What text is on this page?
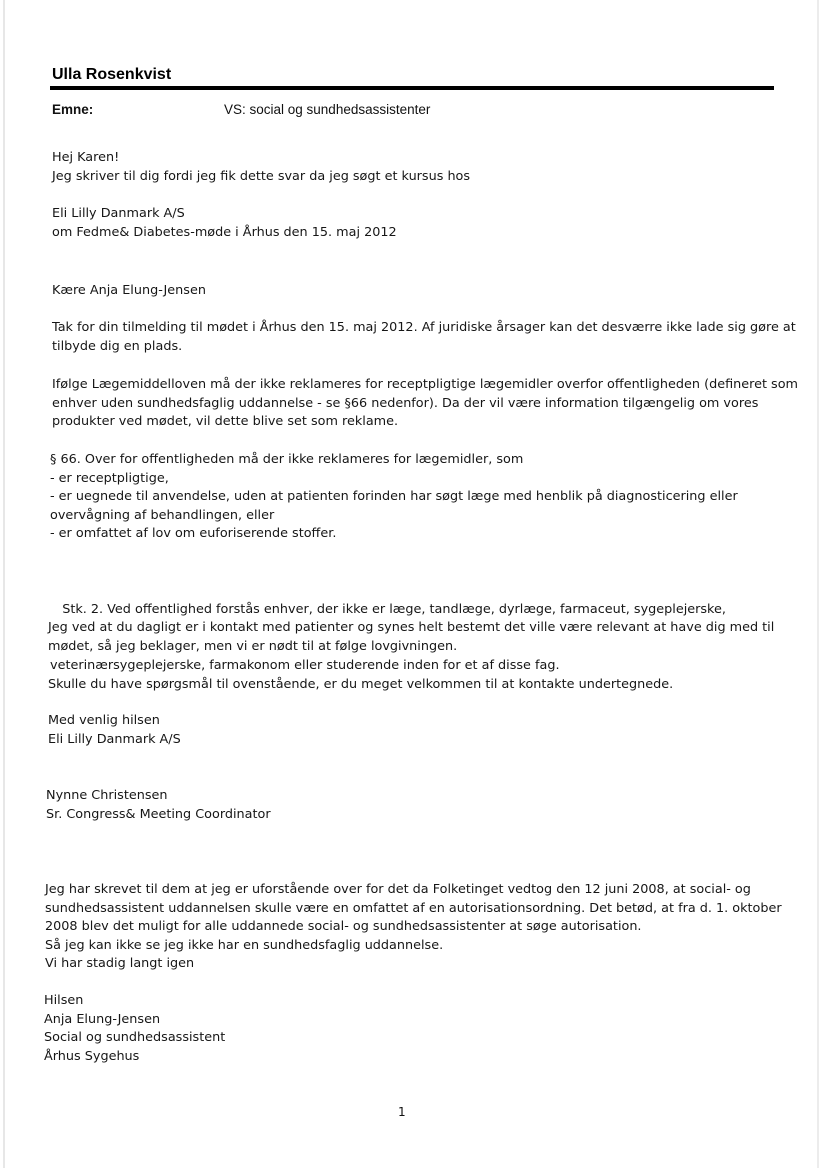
Ulla Rosenkvist
Emne:	VS: social og sundhedsassistenter
Hej Karen!
Jeg skriver til dig fordi jeg fik dette svar da jeg søgt et kursus hos
Eli Lilly Danmark A/S
om Fedme& Diabetes-møde i Århus den 15. maj 2012
Kære Anja Elung-Jensen
Tak for din tilmelding til mødet i Århus den 15. maj 2012. Af juridiske årsager kan det desværre ikke lade sig gøre at
tilbyde dig en plads.
Ifølge Lægemiddelloven må der ikke reklameres for receptpligtige lægemidler overfor offentligheden (defineret som
enhver uden sundhedsfaglig uddannelse - se §66 nedenfor). Da der vil være information tilgængelig om vores
produkter ved mødet, vil dette blive set som reklame.
§ 66. Over for offentligheden må der ikke reklameres for lægemidler, som
- er receptpligtige,
- er uegnede til anvendelse, uden at patienten forinden har søgt læge med henblik på diagnosticering eller
overvågning af behandlingen, eller
- er omfattet af lov om euforiserende stoffer.

Stk. 2. Ved offentlighed forstås enhver, der ikke er læge, tandlæge, dyrlæge, farmaceut, sygeplejerske,

veterinærsygeplejerske, farmakonom eller studerende inden for et af disse fag.

Jeg ved at du dagligt er i kontakt med patienter og synes helt bestemt det ville være relevant at have dig med til
mødet, så jeg beklager, men vi er nødt til at følge lovgivningen.
Skulle du have spørgsmål til ovenstående, er du meget velkommen til at kontakte undertegnede.
Med venlig hilsen
Eli Lilly Danmark A/S
Nynne Christensen
Sr. Congress& Meeting Coordinator
Jeg har skrevet til dem at jeg er uforstående over for det da Folketinget vedtog den 12 juni 2008, at social- og
sundhedsassistent uddannelsen skulle være en omfattet af en autorisationsordning. Det betød, at fra d. 1. oktober
2008 blev det muligt for alle uddannede social- og sundhedsassistenter at søge autorisation.
Så jeg kan ikke se jeg ikke har en sundhedsfaglig uddannelse.
Vi har stadig langt igen
Hilsen
Anja Elung-Jensen
Social og sundhedsassistent
Århus Sygehus
1
